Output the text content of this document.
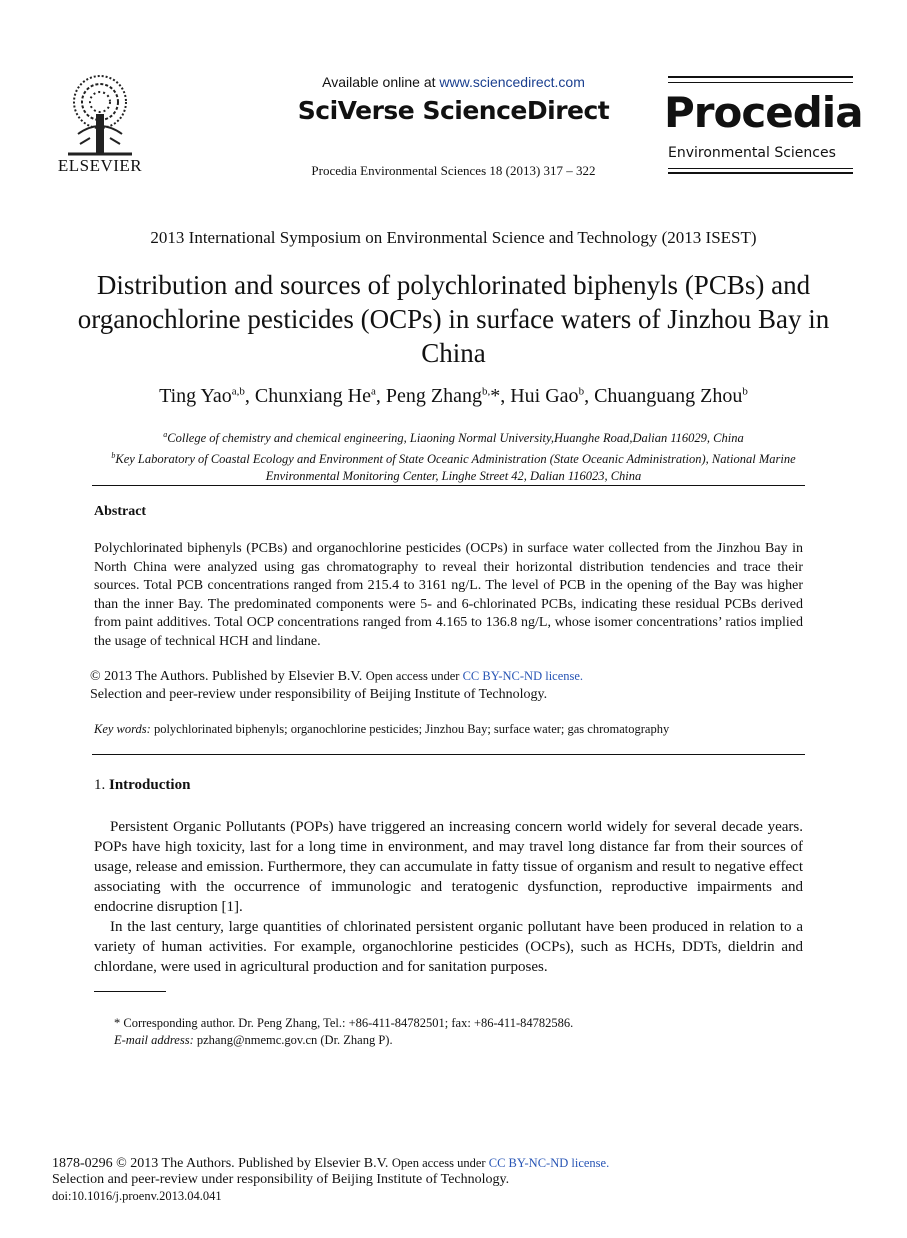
ELSEVIER
Available online at www.sciencedirect.com
SciVerse ScienceDirect
Procedia Environmental Sciences 18 (2013) 317 – 322
Procedia
Environmental Sciences
2013 International Symposium on Environmental Science and Technology (2013 ISEST)
Distribution and sources of polychlorinated biphenyls (PCBs) and organochlorine pesticides (OCPs) in surface waters of Jinzhou Bay in China
Ting Yao$^{a,b}$, Chunxiang He$^a$, Peng Zhang$^{b,}$*, Hui Gao$^b$, Chuanguang Zhou$^b$
$^a$College of chemistry and chemical engineering, Liaoning Normal University,Huanghe Road,Dalian 116029, China
$^b$Key Laboratory of Coastal Ecology and Environment of State Oceanic Administration (State Oceanic Administration), National Marine Environmental Monitoring Center, Linghe Street 42, Dalian 116023, China
Abstract
Polychlorinated biphenyls (PCBs) and organochlorine pesticides (OCPs) in surface water collected from the Jinzhou Bay in North China were analyzed using gas chromatography to reveal their horizontal distribution tendencies and trace their sources. Total PCB concentrations ranged from 215.4 to 3161 ng/L. The level of PCB in the opening of the Bay was higher than the inner Bay. The predominated components were 5- and 6-chlorinated PCBs, indicating these residual PCBs derived from paint additives. Total OCP concentrations ranged from 4.165 to 136.8 ng/L, whose isomer concentrations’ ratios implied the usage of technical HCH and lindane.
© 2013 The Authors. Published by Elsevier B.V. Open access under CC BY-NC-ND license.
Selection and peer-review under responsibility of Beijing Institute of Technology.
Key words: polychlorinated biphenyls; organochlorine pesticides; Jinzhou Bay; surface water; gas chromatography
1. Introduction

Persistent Organic Pollutants (POPs) have triggered an increasing concern world widely for several decade years. POPs have high toxicity, last for a long time in environment, and may travel long distance far from their sources of usage, release and emission. Furthermore, they can accumulate in fatty tissue of organism and result to negative effect associating with the occurrence of immunologic and teratogenic dysfunction, reproductive impairments and endocrine disruption [1].

In the last century, large quantities of chlorinated persistent organic pollutant have been produced in relation to a variety of human activities. For example, organochlorine pesticides (OCPs), such as HCHs, DDTs, dieldrin and chlordane, were used in agricultural production and for sanitation purposes.

* Corresponding author. Dr. Peng Zhang, Tel.: +86-411-84782501; fax: +86-411-84782586.
E-mail address: pzhang@nmemc.gov.cn (Dr. Zhang P).
1878-0296 © 2013 The Authors. Published by Elsevier B.V. Open access under CC BY-NC-ND license.
Selection and peer-review under responsibility of Beijing Institute of Technology.
doi:10.1016/j.proenv.2013.04.041
